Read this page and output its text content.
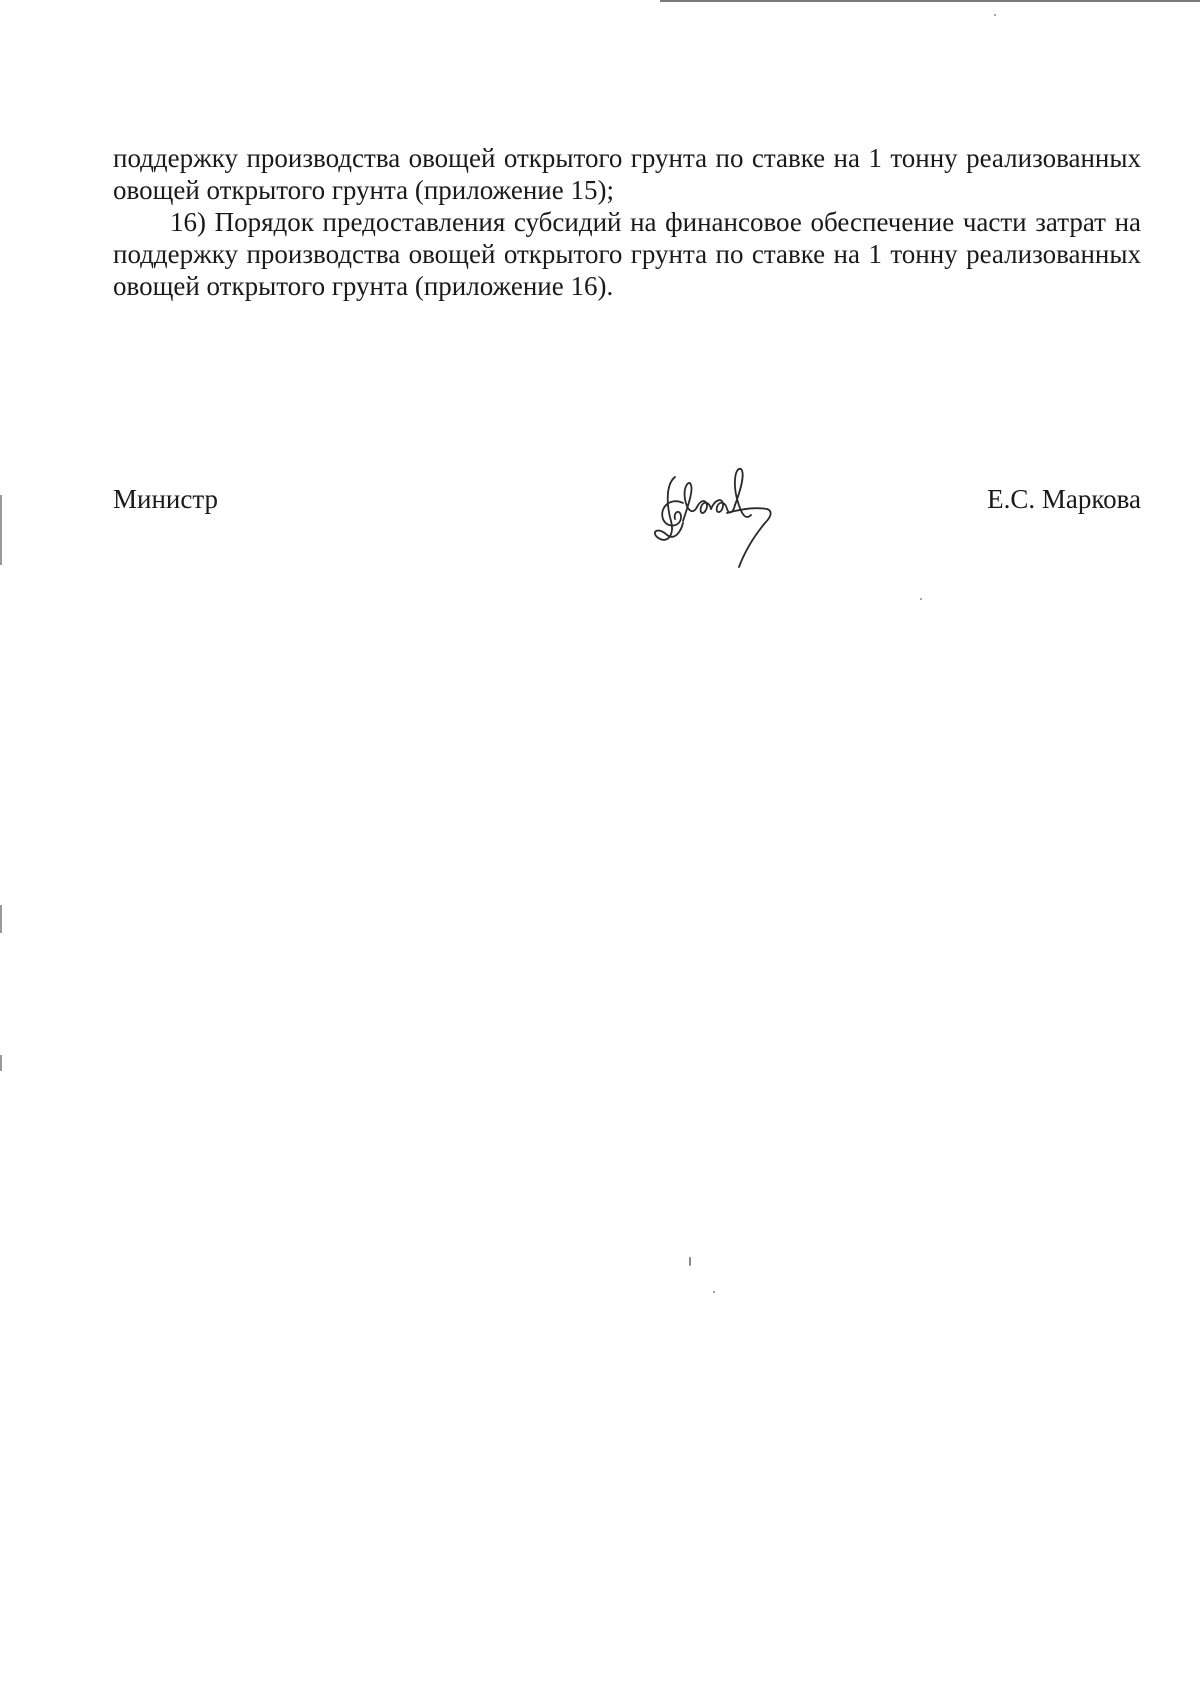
поддержку производства овощей открытого грунта по ставке на 1 тонну реализованных овощей открытого грунта (приложение 15);

16) Порядок предоставления субсидий на финансовое обеспечение части затрат на поддержку производства овощей открытого грунта по ставке на 1 тонну реализованных овощей открытого грунта (приложение 16).

Министр	Е.С. Маркова
